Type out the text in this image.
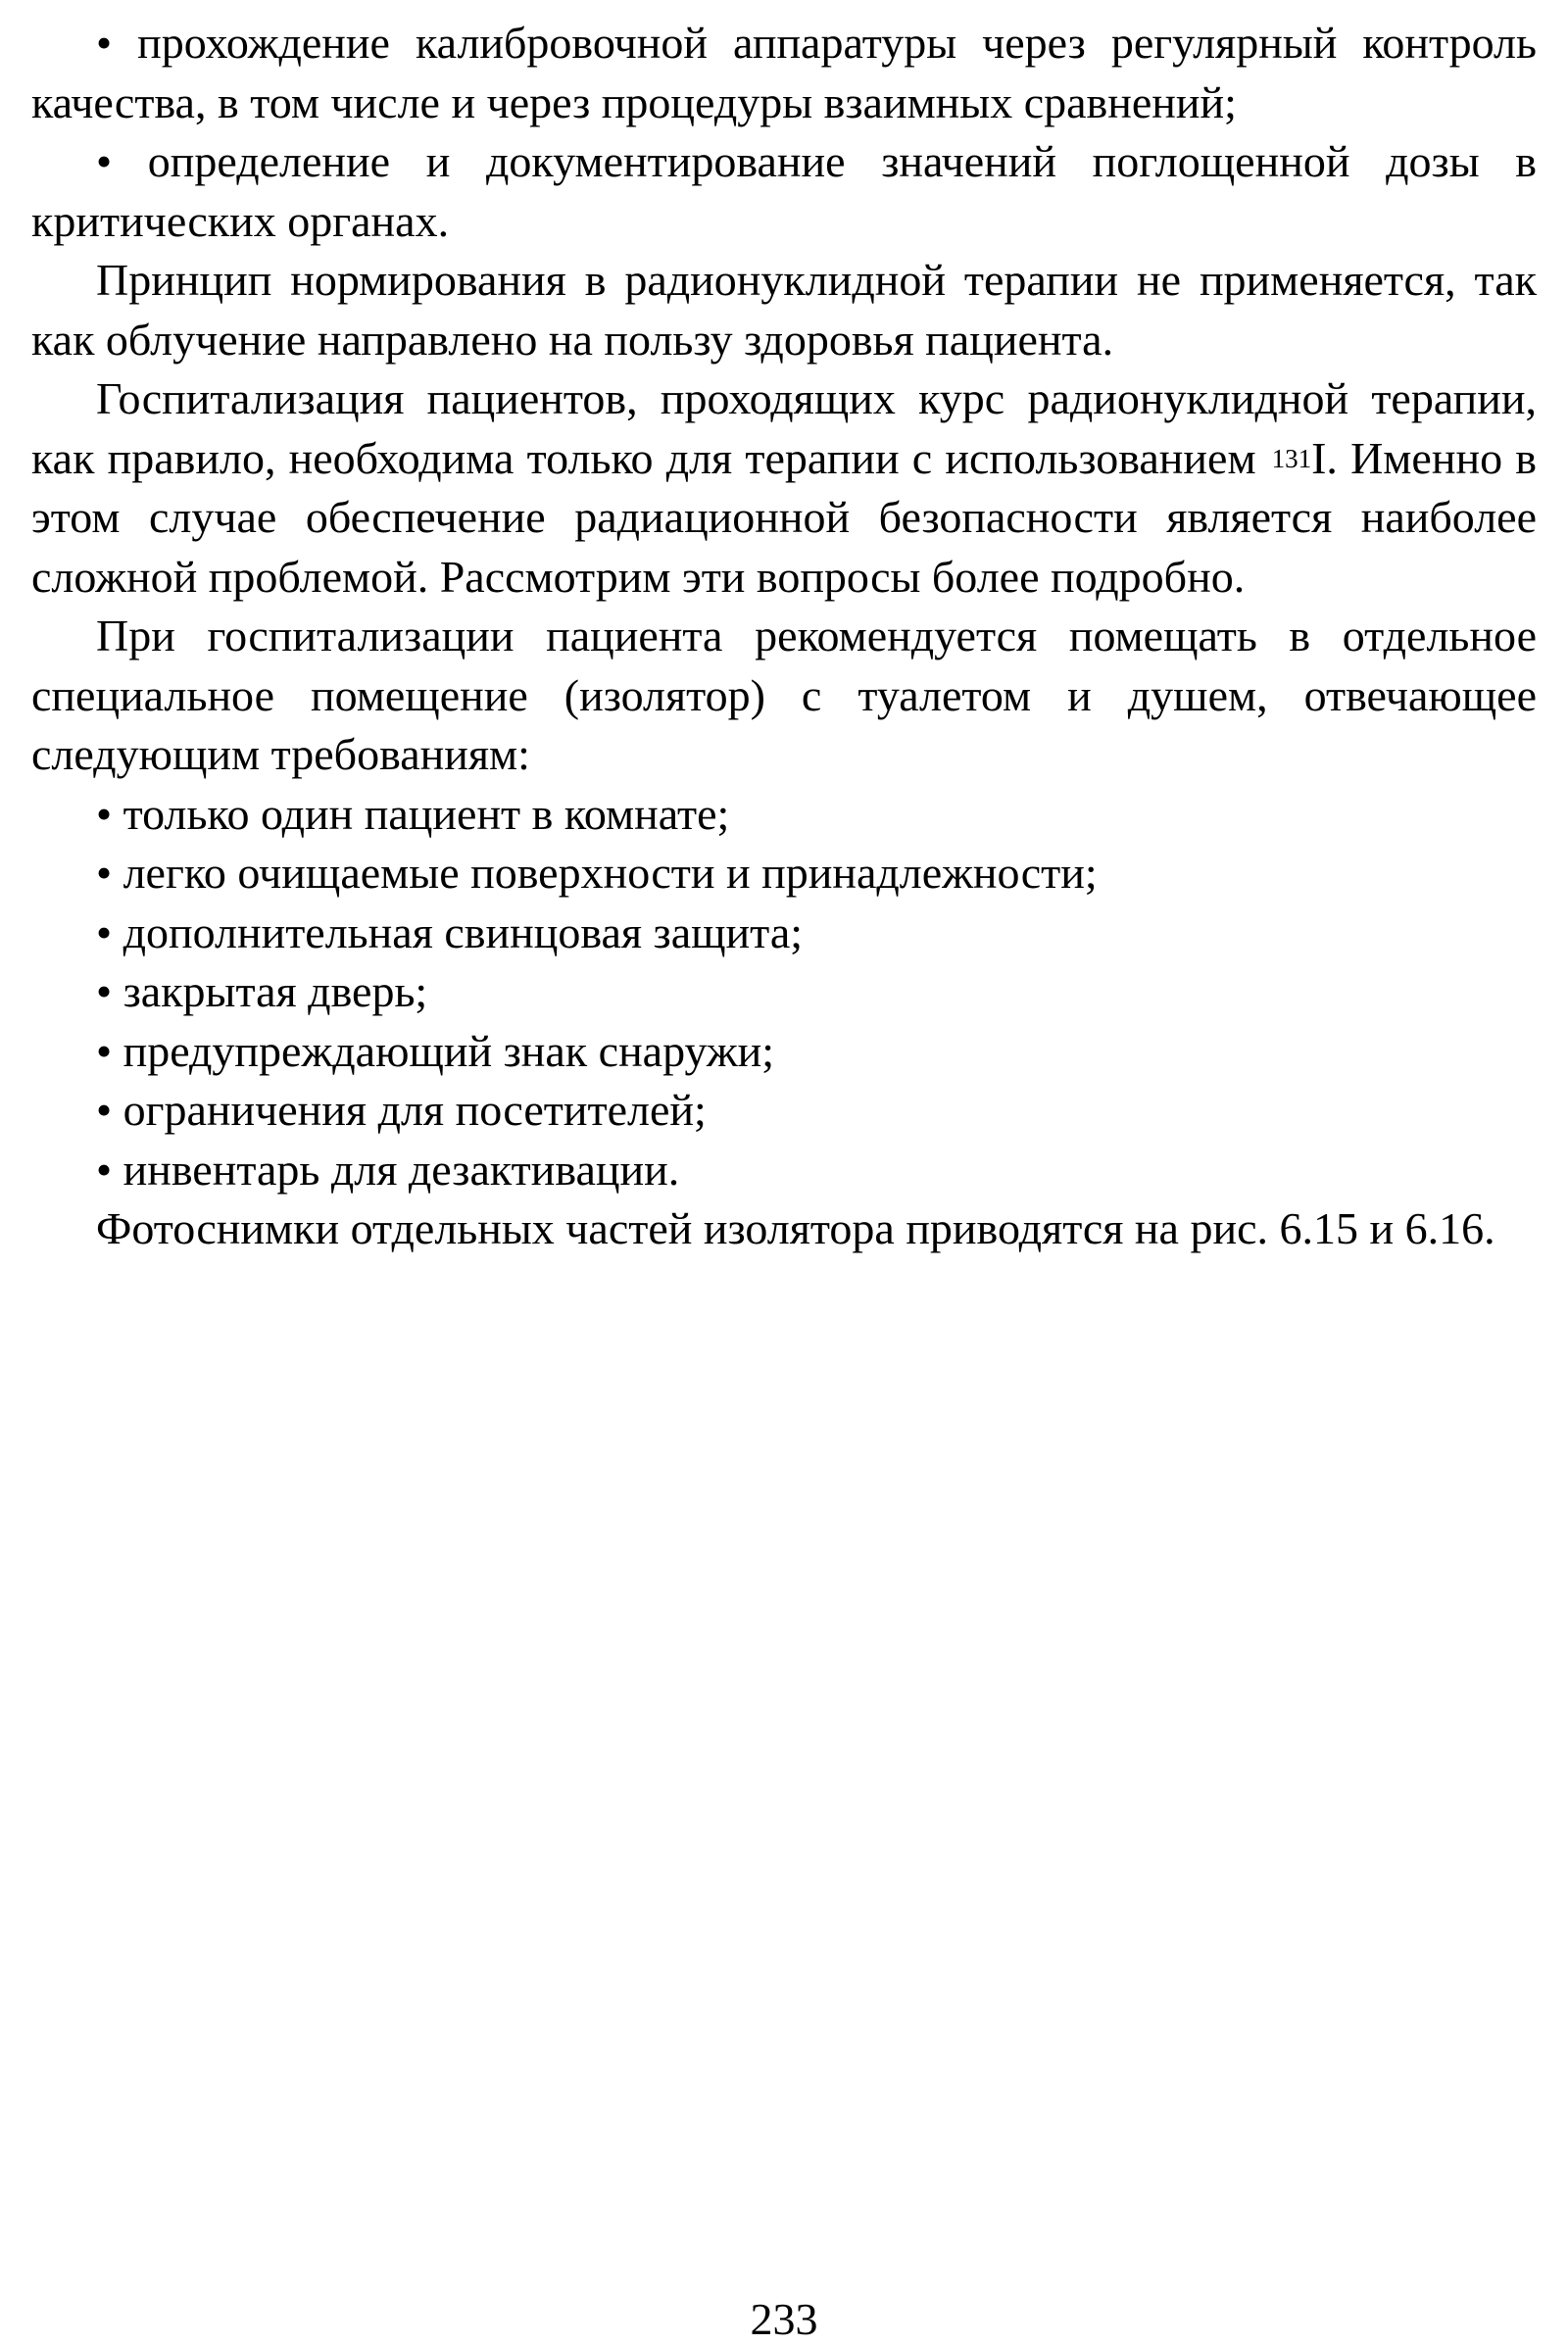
• прохождение калибровочной аппаратуры через регулярный контроль качества, в том числе и через процедуры взаимных сравнений;

• определение и документирование значений поглощенной дозы в критических органах.

Принцип нормирования в радионуклидной терапии не применяется, так как облучение направлено на пользу здоровья пациента.

Госпитализация пациентов, проходящих курс радионуклидной терапии, как правило, необходима только для терапии с использованием $^{131}$I. Именно в этом случае обеспечение радиационной безопасности является наиболее сложной проблемой. Рассмотрим эти вопросы более подробно.

При госпитализации пациента рекомендуется помещать в отдельное специальное помещение (изолятор) с туалетом и душем, отвечающее следующим требованиям:

• только один пациент в комнате;

• легко очищаемые поверхности и принадлежности;

• дополнительная свинцовая защита;

• закрытая дверь;

• предупреждающий знак снаружи;

• ограничения для посетителей;

• инвентарь для дезактивации.

Фотоснимки отдельных частей изолятора приводятся на рис. 6.15 и 6.16.

233
